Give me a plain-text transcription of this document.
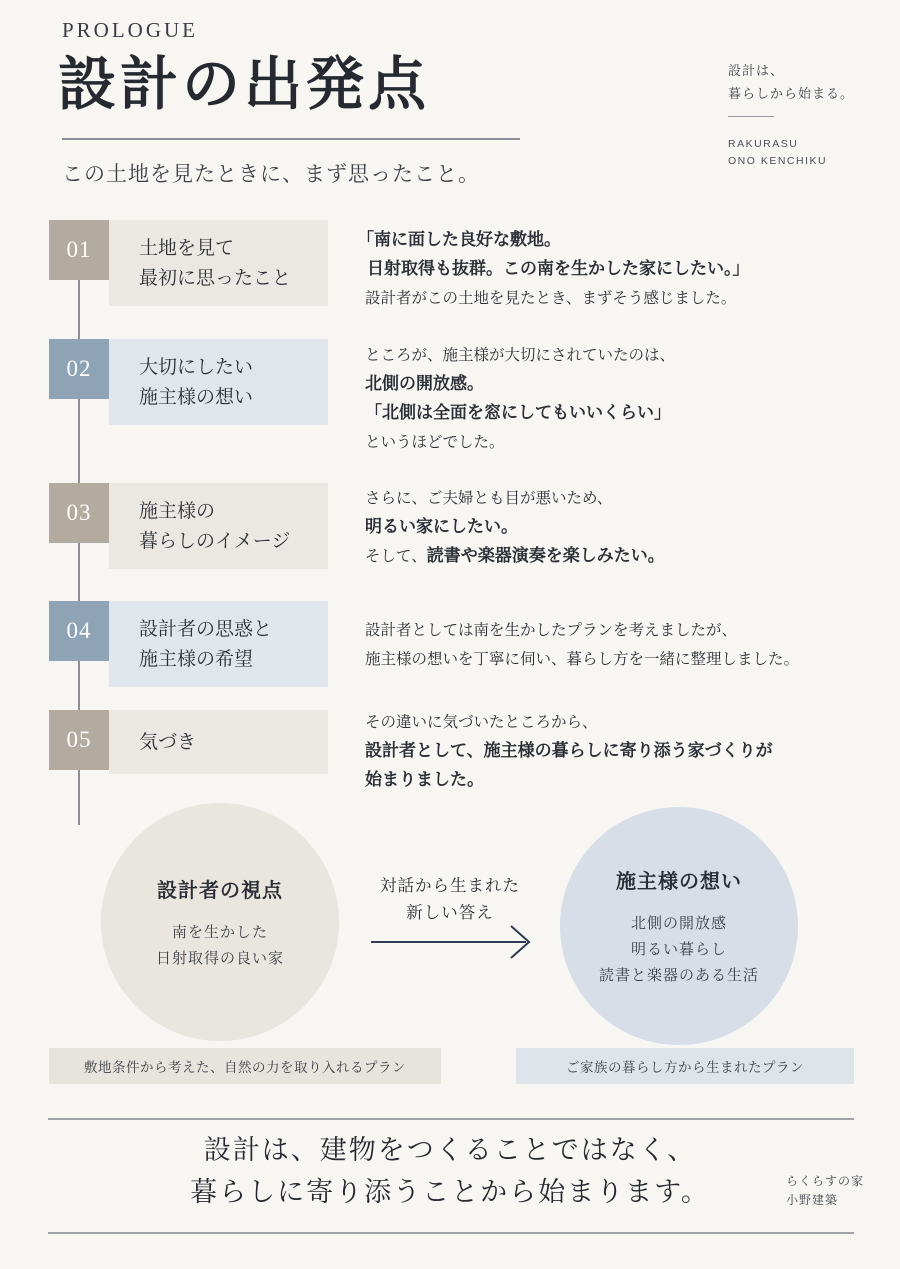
PROLOGUE
設計の出発点
この土地を見たときに、まず思ったこと。
設計は、
暮らしから始まる。
RAKURASU
ONO KENCHIKU
01	土地を見て
最初に思ったこと
「南に面した良好な敷地。
日射取得も抜群。この南を生かした家にしたい。」
設計者がこの土地を見たとき、まずそう感じました。
02	大切にしたい
施主様の想い
ところが、施主様が大切にされていたのは、
北側の開放感。
「北側は全面を窓にしてもいいくらい」
というほどでした。
03	施主様の
暮らしのイメージ
さらに、ご夫婦とも目が悪いため、
明るい家にしたい。
そして、読書や楽器演奏を楽しみたい。
04	設計者の思惑と
施主様の希望
設計者としては南を生かしたプランを考えましたが、
施主様の想いを丁寧に伺い、暮らし方を一緒に整理しました。
05	気づき
その違いに気づいたところから、
設計者として、施主様の暮らしに寄り添う家づくりが
始まりました。
設計者の視点
南を生かした
日射取得の良い家
対話から生まれた
新しい答え
施主様の想い
北側の開放感
明るい暮らし
読書と楽器のある生活
敷地条件から考えた、自然の力を取り入れるプラン	ご家族の暮らし方から生まれたプラン
設計は、建物をつくることではなく、
暮らしに寄り添うことから始まります。	らくらすの家
小野建築
